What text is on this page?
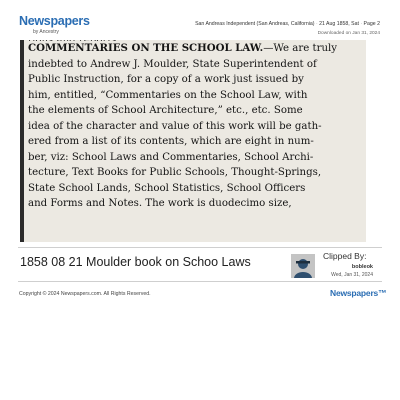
Newspapers
by Ancestry
San Andreas Independent (San Andreas, California) · 21 Aug 1858, Sat · Page 2
Downloaded on Jan 31, 2024
COMMENTARIES ON THE SCHOOL LAW.—We are truly
indebted to Andrew J. Moulder, State Superintendent of
Public Instruction, for a copy of a work just issued by
him, entitled, “Commentaries on the School Law, with
the elements of School Architecture,” etc., etc. Some
idea of the character and value of this work will be gath-
ered from a list of its contents, which are eight in num-
ber, viz: School Laws and Commentaries, School Archi-
tecture, Text Books for Public Schools, Thought-Springs,
State School Lands, School Statistics, School Officers
and Forms and Notes. The work is duodecimo size,
1858 08 21 Moulder book on Schoo Laws	Clipped By:
bobleok
Wed, Jan 31, 2024
Copyright © 2024 Newspapers.com. All Rights Reserved.	Newspapers™
